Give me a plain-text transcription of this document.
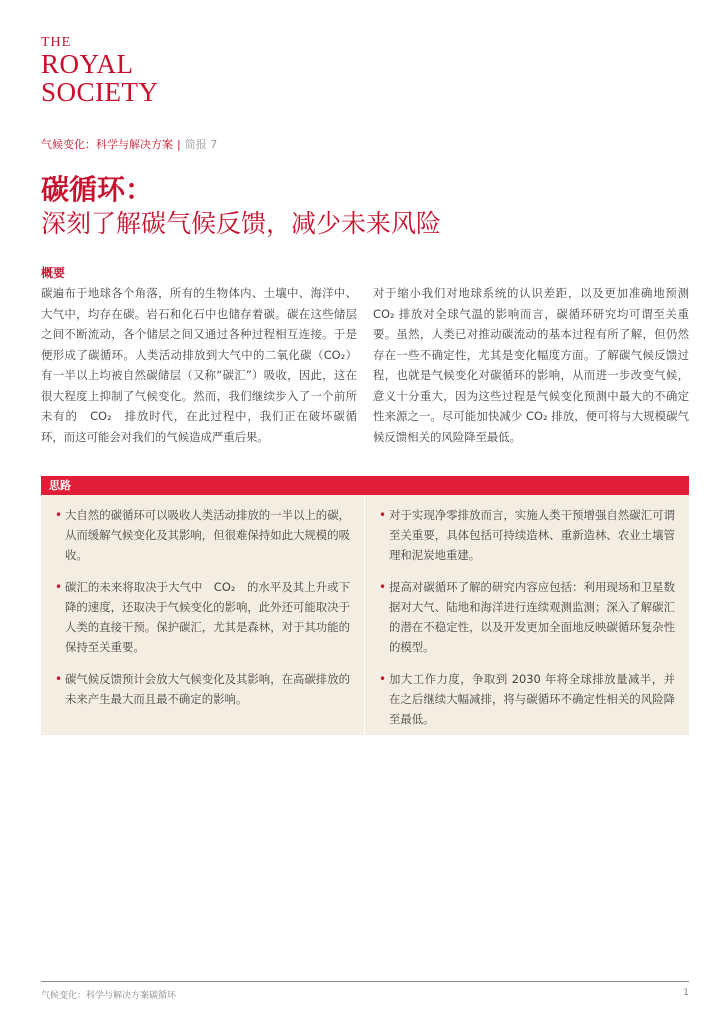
THE
ROYAL
SOCIETY
气候变化：科学与解决方案 | 简报 7
碳循环：
深刻了解碳气候反馈，减少未来风险
概要

碳遍布于地球各个角落，所有的生物体内、土壤中、海洋中、大气中，均存在碳。岩石和化石中也储存着碳。碳在这些储层之间不断流动，各个储层之间又通过各种过程相互连接。于是便形成了碳循环。人类活动排放到大气中的二氧化碳（CO₂）有一半以上均被自然碳储层（又称“碳汇”）吸收，因此，这在很大程度上抑制了气候变化。然而，我们继续步入了一个前所未有的　CO₂　排放时代，在此过程中，我们正在破坏碳循环，而这可能会对我们的气候造成严重后果。

对于缩小我们对地球系统的认识差距，以及更加准确地预测 CO₂ 排放对全球气温的影响而言，碳循环研究均可谓至关重要。虽然，人类已对推动碳流动的基本过程有所了解，但仍然存在一些不确定性，尤其是变化幅度方面。了解碳气候反馈过程，也就是气候变化对碳循环的影响，从而进一步改变气候，意义十分重大，因为这些过程是气候变化预测中最大的不确定性来源之一。尽可能加快减少 CO₂ 排放，便可将与大规模碳气候反馈相关的风险降至最低。

思路
• 大自然的碳循环可以吸收人类活动排放的一半以上的碳，从而缓解气候变化及其影响，但很难保持如此大规模的吸收。
• 碳汇的未来将取决于大气中　CO₂　的水平及其上升或下降的速度，还取决于气候变化的影响，此外还可能取决于人类的直接干预。保护碳汇，尤其是森林，对于其功能的保持至关重要。
• 碳气候反馈预计会放大气候变化及其影响，在高碳排放的未来产生最大而且最不确定的影响。
• 对于实现净零排放而言，实施人类干预增强自然碳汇可谓至关重要，具体包括可持续造林、重新造林、农业土壤管理和泥炭地重建。
• 提高对碳循环了解的研究内容应包括：利用现场和卫星数据对大气、陆地和海洋进行连续观测监测；深入了解碳汇的潜在不稳定性，以及开发更加全面地反映碳循环复杂性的模型。
• 加大工作力度，争取到 2030 年将全球排放量减半，并在之后继续大幅减排，将与碳循环不确定性相关的风险降至最低。
气候变化：科学与解决方案碳循环	1
